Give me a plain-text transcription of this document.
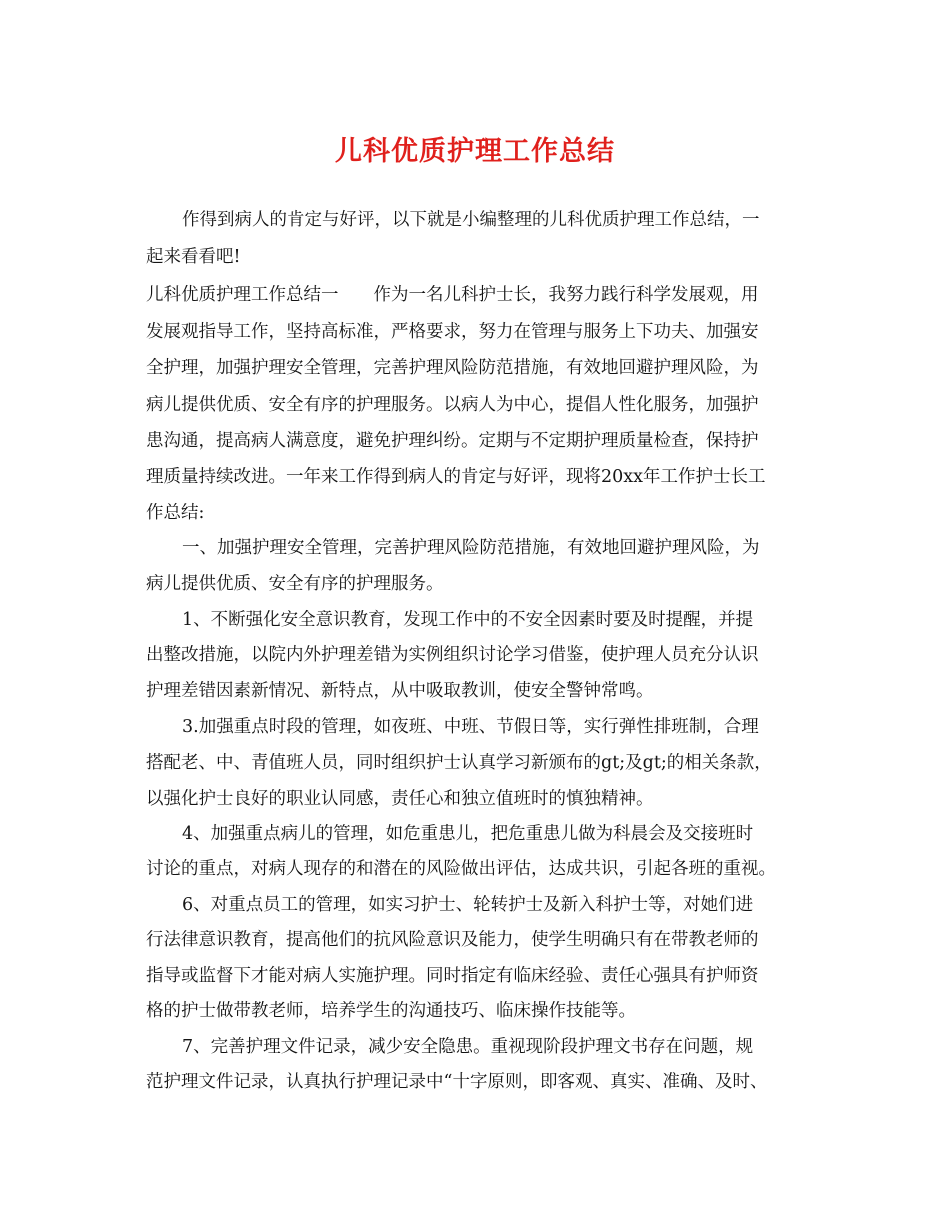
儿科优质护理工作总结
作得到病人的肯定与好评，以下就是小编整理的儿科优质护理工作总结，一
起来看看吧!
儿科优质护理工作总结一　　作为一名儿科护士长，我努力践行科学发展观，用
发展观指导工作，坚持高标准，严格要求，努力在管理与服务上下功夫、加强安
全护理，加强护理安全管理，完善护理风险防范措施，有效地回避护理风险，为
病儿提供优质、安全有序的护理服务。以病人为中心，提倡人性化服务，加强护
患沟通，提高病人满意度，避免护理纠纷。定期与不定期护理质量检查，保持护
理质量持续改进。一年来工作得到病人的肯定与好评，现将20xx年工作护士长工
作总结:
一、加强护理安全管理，完善护理风险防范措施，有效地回避护理风险，为
病儿提供优质、安全有序的护理服务。
1、不断强化安全意识教育，发现工作中的不安全因素时要及时提醒，并提
出整改措施，以院内外护理差错为实例组织讨论学习借鉴，使护理人员充分认识
护理差错因素新情况、新特点，从中吸取教训，使安全警钟常鸣。
3.加强重点时段的管理，如夜班、中班、节假日等，实行弹性排班制，合理
搭配老、中、青值班人员，同时组织护士认真学习新颁布的gt;及gt;的相关条款，
以强化护士良好的职业认同感，责任心和独立值班时的慎独精神。
4、加强重点病儿的管理，如危重患儿，把危重患儿做为科晨会及交接班时
讨论的重点，对病人现存的和潜在的风险做出评估，达成共识，引起各班的重视。
6、对重点员工的管理，如实习护士、轮转护士及新入科护士等，对她们进
行法律意识教育，提高他们的抗风险意识及能力，使学生明确只有在带教老师的
指导或监督下才能对病人实施护理。同时指定有临床经验、责任心强具有护师资
格的护士做带教老师，培养学生的沟通技巧、临床操作技能等。
7、完善护理文件记录，减少安全隐患。重视现阶段护理文书存在问题，规
范护理文件记录，认真执行护理记录中“十字原则，即客观、真实、准确、及时、
